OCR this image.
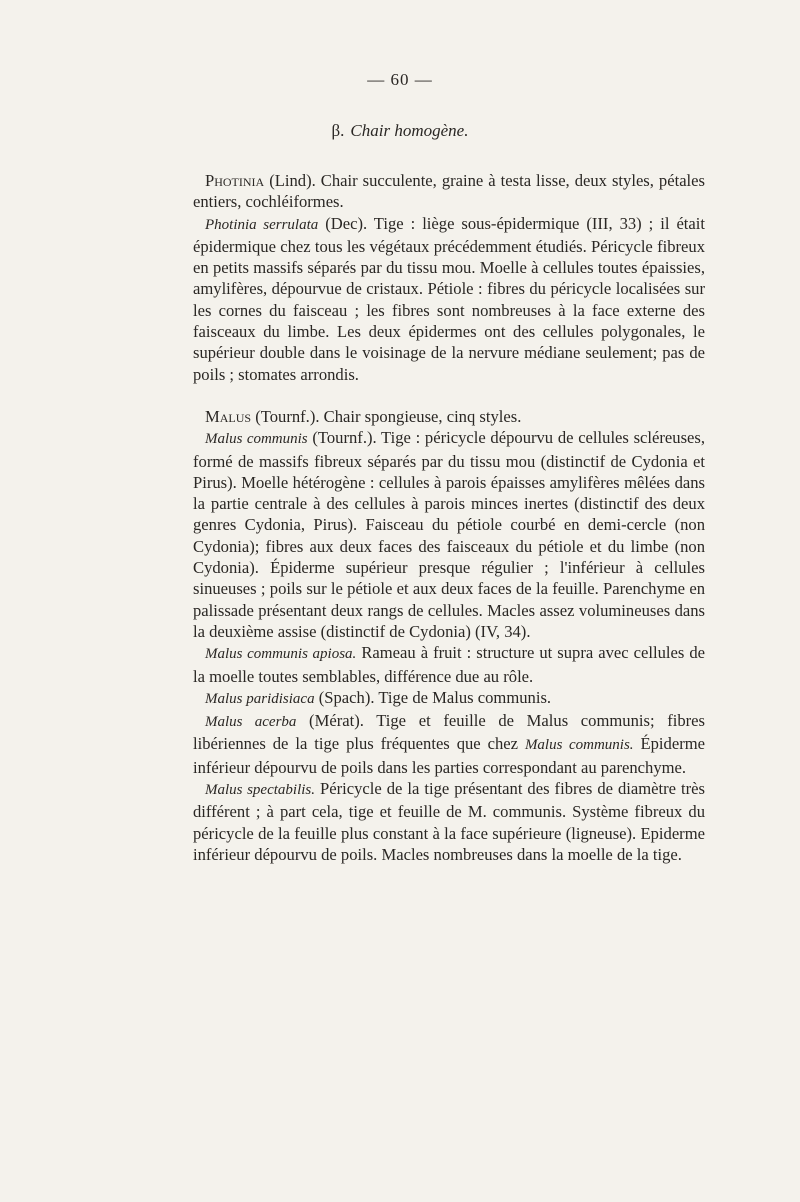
— 60 —
β. Chair homogène.

Photinia (Lind). Chair succulente, graine à testa lisse, deux styles, pétales entiers, cochléiformes.

Photinia serrulata (Dec). Tige : liège sous-épidermique (III, 33) ; il était épidermique chez tous les végétaux précédemment étudiés. Péricycle fibreux en petits massifs séparés par du tissu mou. Moelle à cellules toutes épaissies, amylifères, dépourvue de cristaux. Pétiole : fibres du péricycle localisées sur les cornes du faisceau ; les fibres sont nombreuses à la face externe des faisceaux du limbe. Les deux épidermes ont des cellules polygonales, le supérieur double dans le voisinage de la nervure médiane seulement; pas de poils ; stomates arrondis.

Malus (Tournf.). Chair spongieuse, cinq styles.

Malus communis (Tournf.). Tige : péricycle dépourvu de cellules scléreuses, formé de massifs fibreux séparés par du tissu mou (distinctif de Cydonia et Pirus). Moelle hétérogène : cellules à parois épaisses amylifères mêlées dans la partie centrale à des cellules à parois minces inertes (distinctif des deux genres Cydonia, Pirus). Faisceau du pétiole courbé en demi-cercle (non Cydonia); fibres aux deux faces des faisceaux du pétiole et du limbe (non Cydonia). Épiderme supérieur presque régulier ; l'inférieur à cellules sinueuses ; poils sur le pétiole et aux deux faces de la feuille. Parenchyme en palissade présentant deux rangs de cellules. Macles assez volumineuses dans la deuxième assise (distinctif de Cydonia) (IV, 34).

Malus communis apiosa. Rameau à fruit : structure ut supra avec cellules de la moelle toutes semblables, différence due au rôle.

Malus paridisiaca (Spach). Tige de Malus communis.

Malus acerba (Mérat). Tige et feuille de Malus communis; fibres libériennes de la tige plus fréquentes que chez Malus communis. Épiderme inférieur dépourvu de poils dans les parties correspondant au parenchyme.

Malus spectabilis. Péricycle de la tige présentant des fibres de diamètre très différent ; à part cela, tige et feuille de M. communis. Système fibreux du péricycle de la feuille plus constant à la face supérieure (ligneuse). Epiderme inférieur dépourvu de poils. Macles nombreuses dans la moelle de la tige.
